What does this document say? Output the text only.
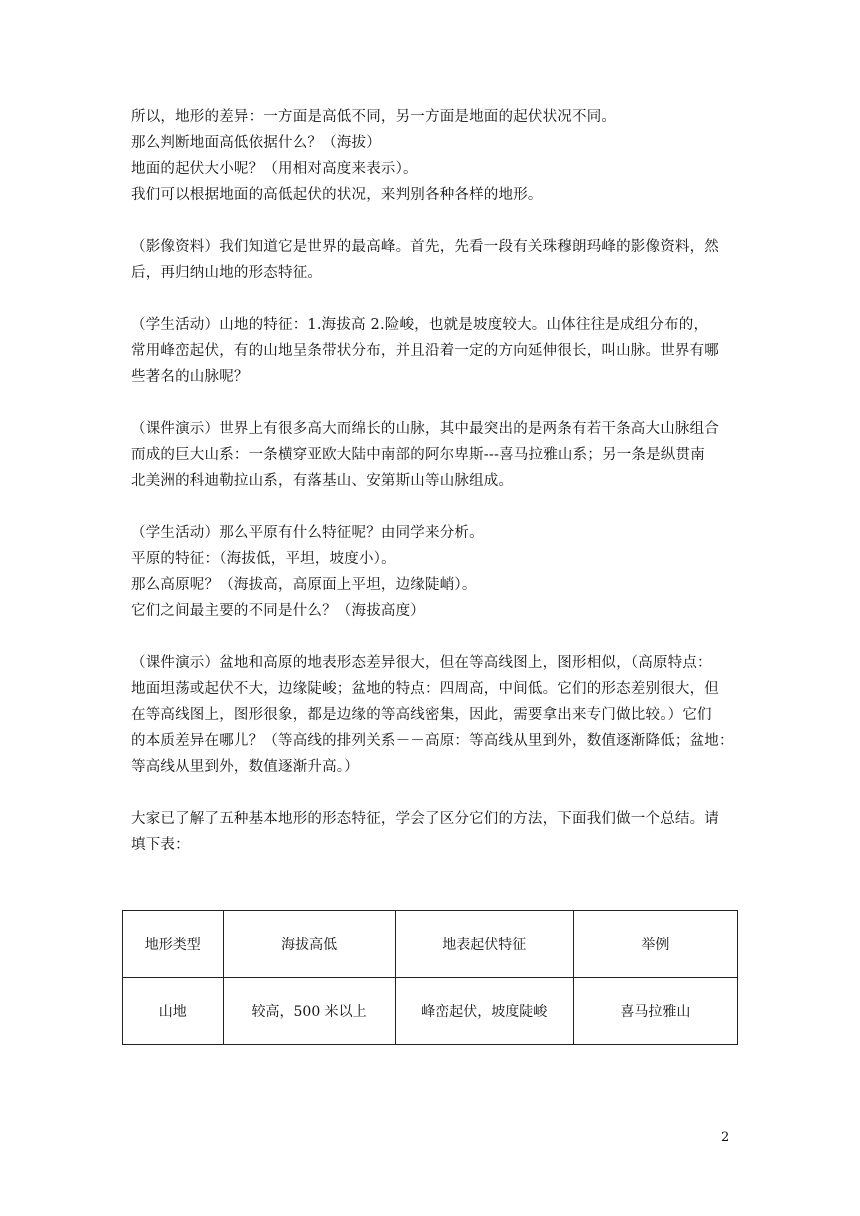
所以，地形的差异：一方面是高低不同，另一方面是地面的起伏状况不同。
那么判断地面高低依据什么？（海拔）
地面的起伏大小呢？（用相对高度来表示）。
我们可以根据地面的高低起伏的状况，来判别各种各样的地形。

（影像资料）我们知道它是世界的最高峰。首先，先看一段有关珠穆朗玛峰的影像资料，然
后，再归纳山地的形态特征。

（学生活动）山地的特征：1.海拔高 2.险峻，也就是坡度较大。山体往往是成组分布的，
常用峰峦起伏，有的山地呈条带状分布，并且沿着一定的方向延伸很长，叫山脉。世界有哪
些著名的山脉呢？

（课件演示）世界上有很多高大而绵长的山脉，其中最突出的是两条有若干条高大山脉组合
而成的巨大山系：一条横穿亚欧大陆中南部的阿尔卑斯---喜马拉雅山系；另一条是纵贯南
北美洲的科迪勒拉山系，有落基山、安第斯山等山脉组成。

（学生活动）那么平原有什么特征呢？由同学来分析。
平原的特征：（海拔低，平坦，坡度小）。
那么高原呢？（海拔高，高原面上平坦，边缘陡峭）。
它们之间最主要的不同是什么？（海拔高度）

（课件演示）盆地和高原的地表形态差异很大，但在等高线图上，图形相似，（高原特点：
地面坦荡或起伏不大，边缘陡峻；盆地的特点：四周高，中间低。它们的形态差别很大，但
在等高线图上，图形很象，都是边缘的等高线密集，因此，需要拿出来专门做比较。）它们
的本质差异在哪儿？（等高线的排列关系－－高原：等高线从里到外，数值逐渐降低；盆地：
等高线从里到外，数值逐渐升高。）

大家已了解了五种基本地形的形态特征，学会了区分它们的方法，下面我们做一个总结。请
填下表：

地形类型	海拔高低	地表起伏特征	举例
山地	较高，500 米以上	峰峦起伏，坡度陡峻	喜马拉雅山
2
